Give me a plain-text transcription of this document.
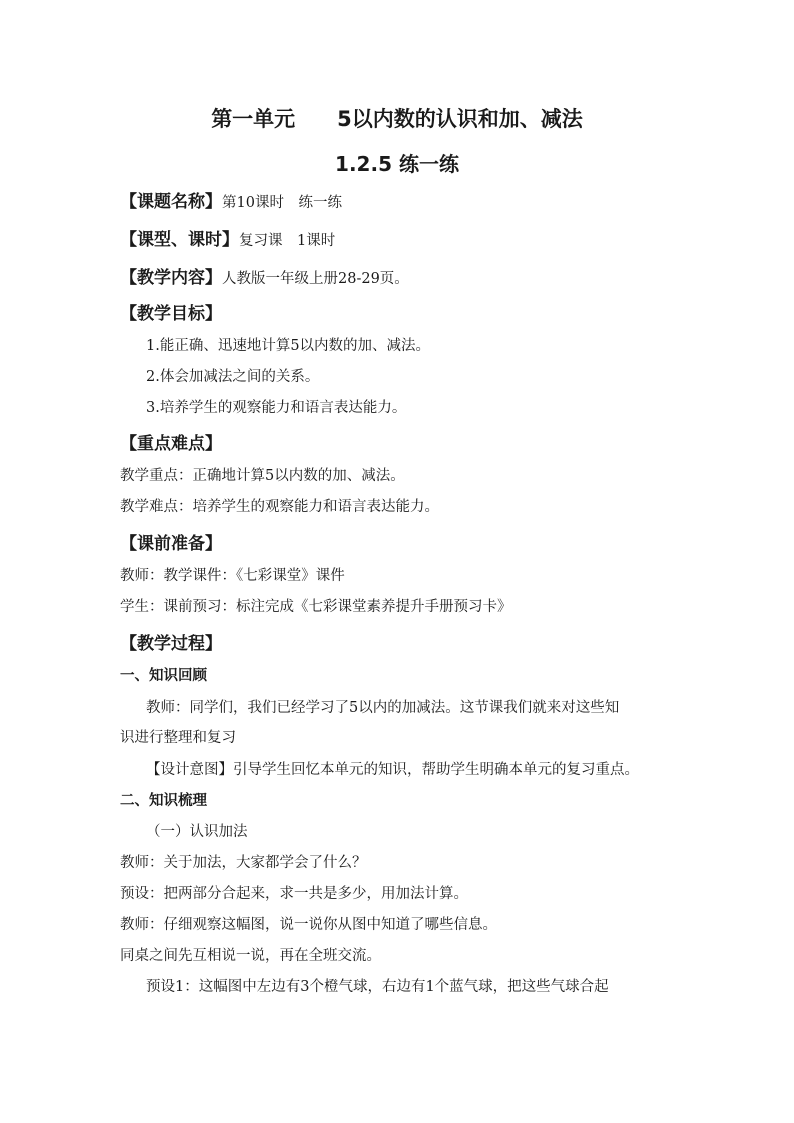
第一单元　　5以内数的认识和加、减法
1.2.5 练一练
【课题名称】第10课时　练一练
【课型、课时】复习课　1课时
【教学内容】人教版一年级上册28-29页。
【教学目标】
1.能正确、迅速地计算5以内数的加、减法。
2.体会加减法之间的关系。
3.培养学生的观察能力和语言表达能力。
【重点难点】
教学重点：正确地计算5以内数的加、减法。
教学难点：培养学生的观察能力和语言表达能力。
【课前准备】
教师：教学课件：《七彩课堂》课件
学生：课前预习：标注完成《七彩课堂素养提升手册预习卡》
【教学过程】
一、知识回顾
教师：同学们，我们已经学习了5以内的加减法。这节课我们就来对这些知
识进行整理和复习
【设计意图】引导学生回忆本单元的知识，帮助学生明确本单元的复习重点。
二、知识梳理
（一）认识加法
教师：关于加法，大家都学会了什么？
预设：把两部分合起来，求一共是多少，用加法计算。
教师：仔细观察这幅图，说一说你从图中知道了哪些信息。
同桌之间先互相说一说，再在全班交流。
预设1：这幅图中左边有3个橙气球，右边有1个蓝气球，把这些气球合起
